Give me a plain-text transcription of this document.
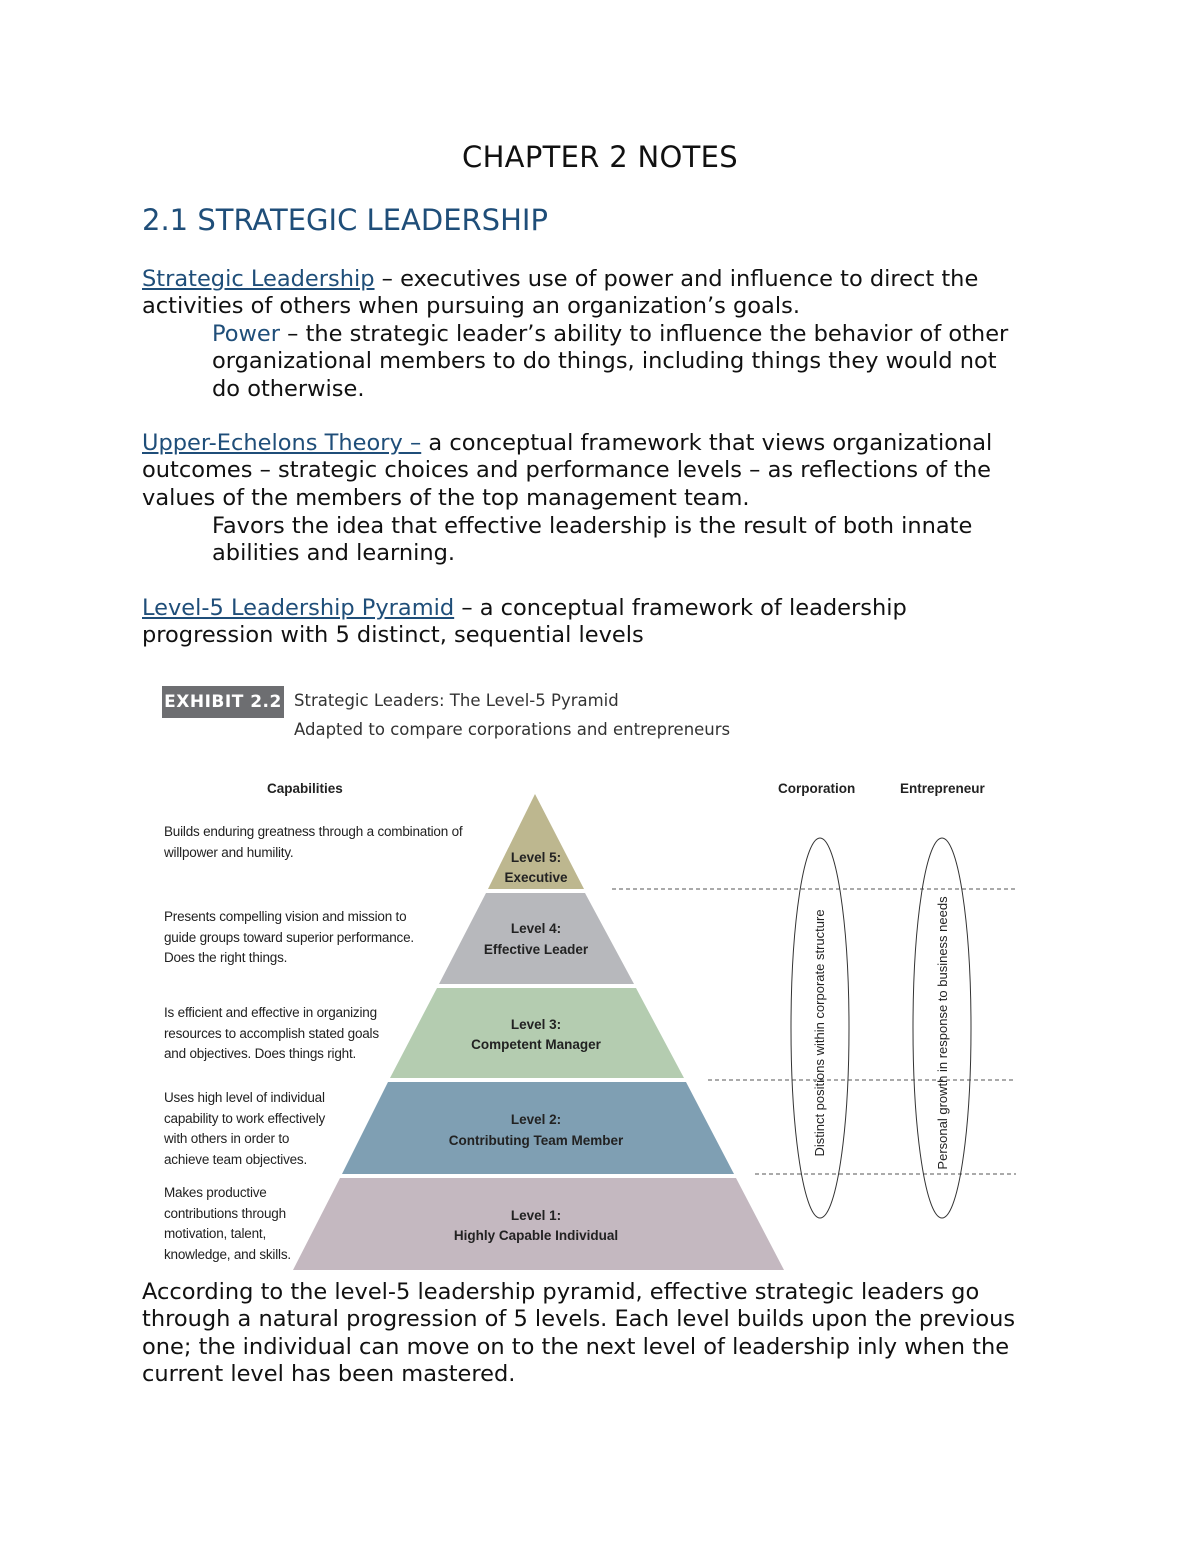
CHAPTER 2 NOTES
2.1 STRATEGIC LEADERSHIP
Strategic Leadership – executives use of power and influence to direct the
activities of others when pursuing an organization’s goals.
Power – the strategic leader’s ability to influence the behavior of other
organizational members to do things, including things they would not
do otherwise.
Upper-Echelons Theory – a conceptual framework that views organizational
outcomes – strategic choices and performance levels – as reflections of the
values of the members of the top management team.
Favors the idea that effective leadership is the result of both innate
abilities and learning.
Level-5 Leadership Pyramid – a conceptual framework of leadership
progression with 5 distinct, sequential levels
EXHIBIT 2.2 Strategic Leaders: The Level-5 Pyramid
Adapted to compare corporations and entrepreneurs
Capabilities	Corporation	Entrepreneur
Builds enduring greatness through a combination of
willpower and humility.
Presents compelling vision and mission to
guide groups toward superior performance.
Does the right things.
Is efficient and effective in organizing
resources to accomplish stated goals
and objectives. Does things right.
Uses high level of individual
capability to work effectively
with others in order to
achieve team objectives.
Makes productive
contributions through
motivation, talent,
knowledge, and skills.
Level 5:
Executive
Level 4:
Effective Leader
Level 3:
Competent Manager
Level 2:
Contributing Team Member
Level 1:
Highly Capable Individual
Distinct positions within corporate structure	Personal growth in response to business needs
According to the level-5 leadership pyramid, effective strategic leaders go
through a natural progression of 5 levels. Each level builds upon the previous
one; the individual can move on to the next level of leadership inly when the
current level has been mastered.
